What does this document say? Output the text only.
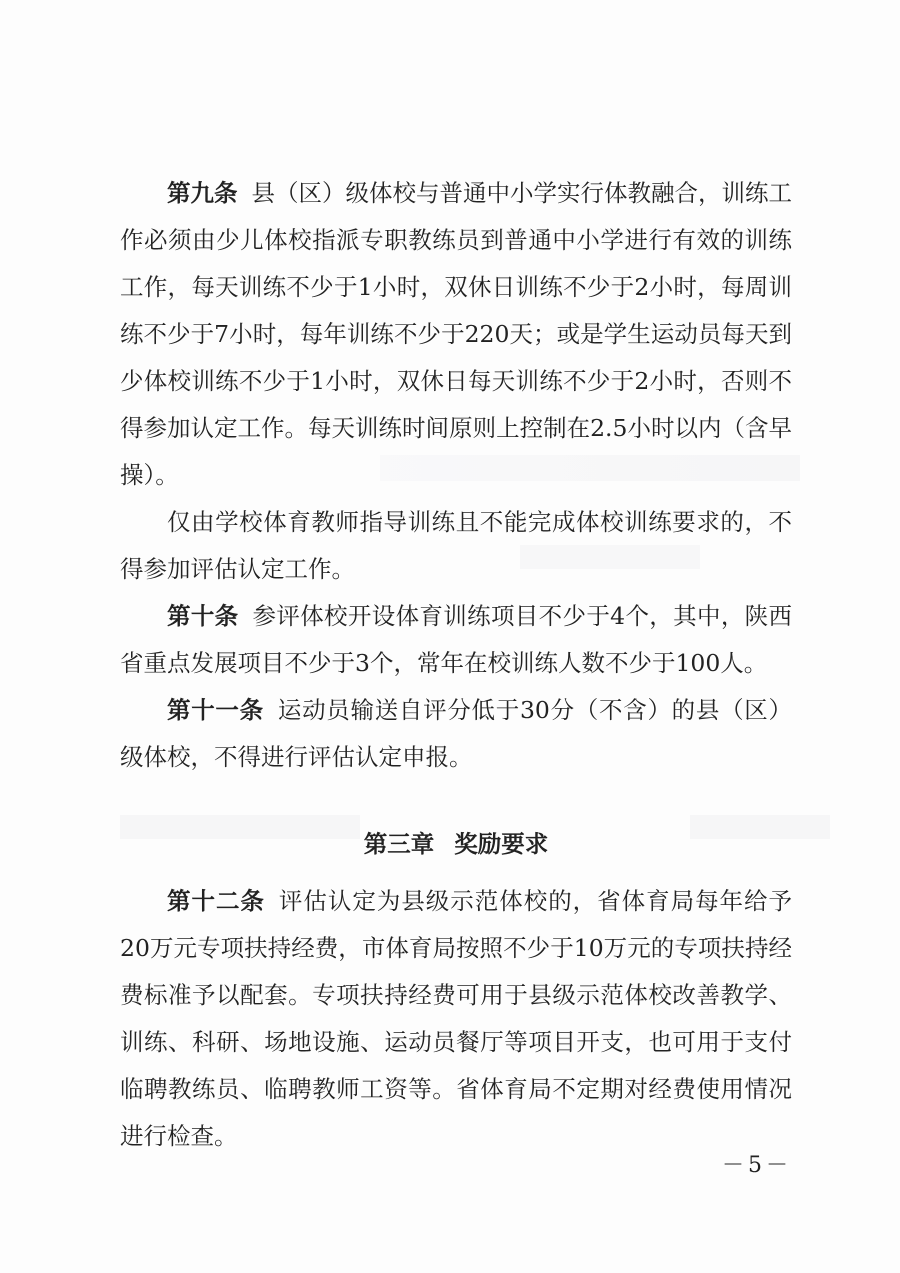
第九条 县（区）级体校与普通中小学实行体教融合，训练工作必须由少儿体校指派专职教练员到普通中小学进行有效的训练工作，每天训练不少于1小时，双休日训练不少于2小时，每周训练不少于7小时，每年训练不少于220天；或是学生运动员每天到少体校训练不少于1小时，双休日每天训练不少于2小时，否则不得参加认定工作。每天训练时间原则上控制在2.5小时以内（含早操）。

仅由学校体育教师指导训练且不能完成体校训练要求的，不得参加评估认定工作。

第十条 参评体校开设体育训练项目不少于4个，其中，陕西省重点发展项目不少于3个，常年在校训练人数不少于100人。

第十一条 运动员输送自评分低于30分（不含）的县（区）级体校，不得进行评估认定申报。

第三章 奖励要求

第十二条 评估认定为县级示范体校的，省体育局每年给予20万元专项扶持经费，市体育局按照不少于10万元的专项扶持经费标准予以配套。专项扶持经费可用于县级示范体校改善教学、训练、科研、场地设施、运动员餐厅等项目开支，也可用于支付临聘教练员、临聘教师工资等。省体育局不定期对经费使用情况进行检查。

－5－
